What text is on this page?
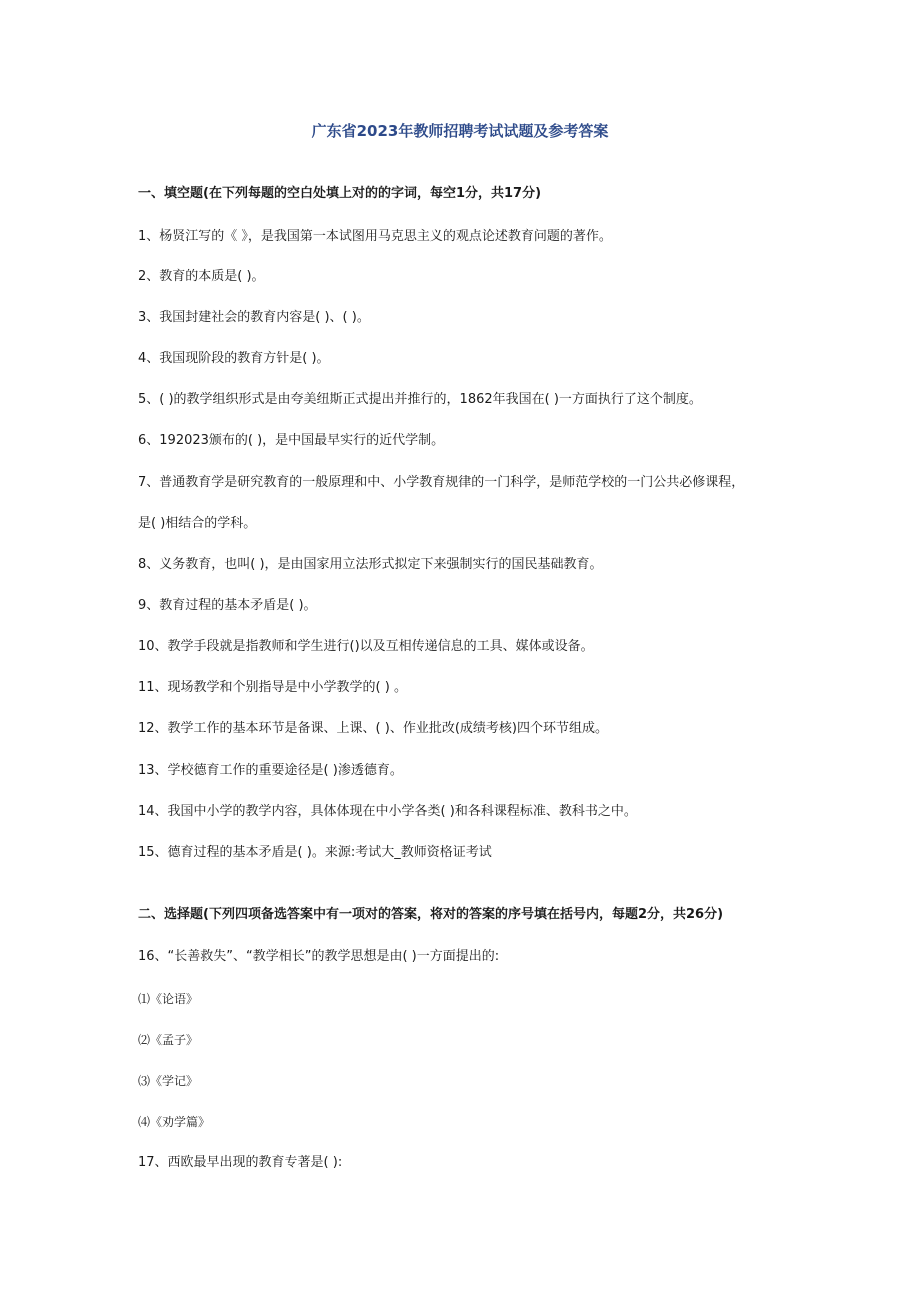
广东省2023年教师招聘考试试题及参考答案
一、填空题(在下列每题的空白处填上对的的字词，每空1分，共17分)
1、杨贤江写的《 》，是我国第一本试图用马克思主义的观点论述教育问题的著作。
2、教育的本质是( )。
3、我国封建社会的教育内容是( )、( )。
4、我国现阶段的教育方针是( )。
5、( )的教学组织形式是由夸美纽斯正式提出并推行的，1862年我国在( )一方面执行了这个制度。
6、192023颁布的( )，是中国最早实行的近代学制。
7、普通教育学是研究教育的一般原理和中、小学教育规律的一门科学，是师范学校的一门公共必修课程，
是( )相结合的学科。
8、义务教育，也叫( )，是由国家用立法形式拟定下来强制实行的国民基础教育。
9、教育过程的基本矛盾是( )。
10、教学手段就是指教师和学生进行()以及互相传递信息的工具、媒体或设备。
11、现场教学和个别指导是中小学教学的( ) 。
12、教学工作的基本环节是备课、上课、( )、作业批改(成绩考核)四个环节组成。
13、学校德育工作的重要途径是( )渗透德育。
14、我国中小学的教学内容，具体体现在中小学各类( )和各科课程标准、教科书之中。
15、德育过程的基本矛盾是( )。来源:考试大_教师资格证考试
二、选择题(下列四项备选答案中有一项对的答案，将对的答案的序号填在括号内，每题2分，共26分)
16、“长善救失”、“教学相长”的教学思想是由( )一方面提出的:
⑴《论语》
⑵《孟子》
⑶《学记》
⑷《劝学篇》
17、西欧最早出现的教育专著是( ):
